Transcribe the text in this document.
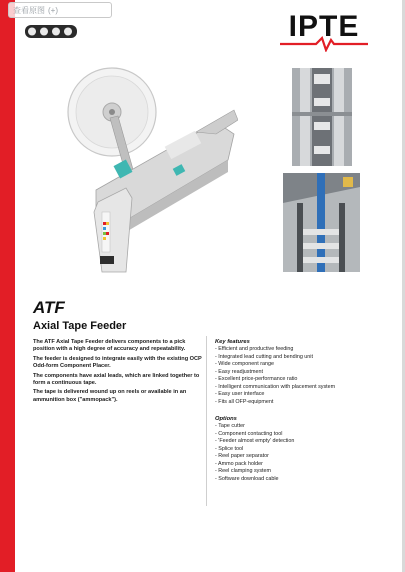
查看原图 (+)	IPTE
ATF
Axial Tape Feeder

The ATF Axial Tape Feeder delivers components to a pick position with a high degree of accuracy and repeatability.

The feeder is designed to integrate easily with the existing OCP Odd-form Component Placer.

The components have axial leads, which are linked together to form a continuous tape.

The tape is delivered wound up on reels or available in an ammunition box ("ammopack").

Key features
- Efficient and productive feeding
- Integrated lead cutting and bending unit
- Wide component range
- Easy readjustment
- Excellent price-performance ratio
- Intelligent communication with placement system
- Easy user interface
- Fits all OFP-equipment
Options
- Tape cutter
- Component contacting tool
- 'Feeder almost empty' detection
- Splice tool
- Reel paper separator
- Ammo pack holder
- Reel clamping system
- Software download cable
